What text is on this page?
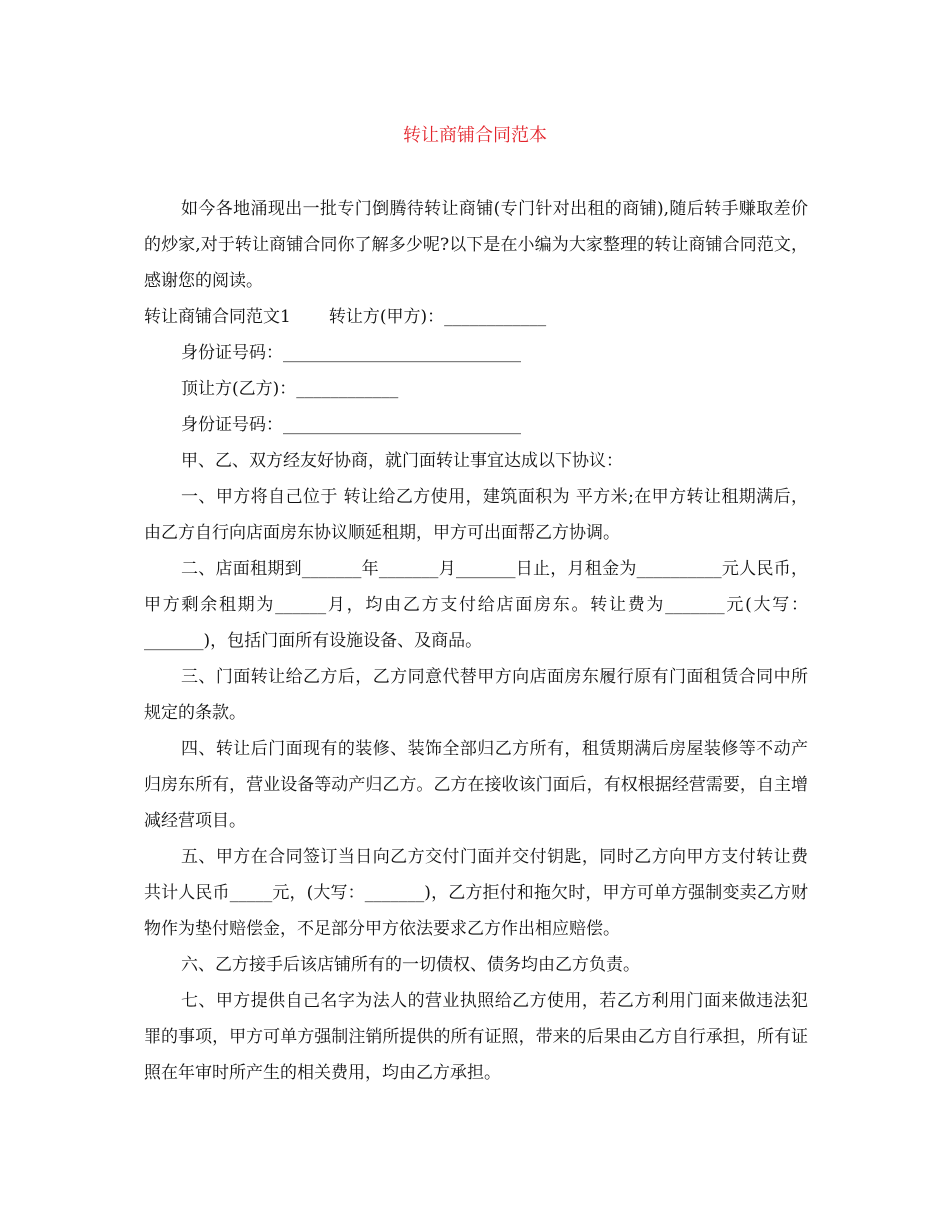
转让商铺合同范本

如今各地涌现出一批专门倒腾待转让商铺(专门针对出租的商铺),随后转手赚取差价的炒家,对于转让商铺合同你了解多少呢?以下是在小编为大家整理的转让商铺合同范文，感谢您的阅读。

转让商铺合同范文1 转让方(甲方)：____________

身份证号码：____________________________

顶让方(乙方)：____________

身份证号码：____________________________

甲、乙、双方经友好协商，就门面转让事宜达成以下协议：

一、甲方将自己位于 转让给乙方使用，建筑面积为 平方米;在甲方转让租期满后，由乙方自行向店面房东协议顺延租期，甲方可出面帮乙方协调。

二、店面租期到_______年_______月_______日止，月租金为__________元人民币，甲方剩余租期为______月，均由乙方支付给店面房东。转让费为_______元(大写：_______)，包括门面所有设施设备、及商品。

三、门面转让给乙方后，乙方同意代替甲方向店面房东履行原有门面租赁合同中所规定的条款。

四、转让后门面现有的装修、装饰全部归乙方所有，租赁期满后房屋装修等不动产归房东所有，营业设备等动产归乙方。乙方在接收该门面后，有权根据经营需要，自主增减经营项目。

五、甲方在合同签订当日向乙方交付门面并交付钥匙，同时乙方向甲方支付转让费共计人民币_____元，(大写：_______)，乙方拒付和拖欠时，甲方可单方强制变卖乙方财物作为垫付赔偿金，不足部分甲方依法要求乙方作出相应赔偿。

六、乙方接手后该店铺所有的一切债权、债务均由乙方负责。

七、甲方提供自己名字为法人的营业执照给乙方使用，若乙方利用门面来做违法犯罪的事项，甲方可单方强制注销所提供的所有证照，带来的后果由乙方自行承担，所有证照在年审时所产生的相关费用，均由乙方承担。
